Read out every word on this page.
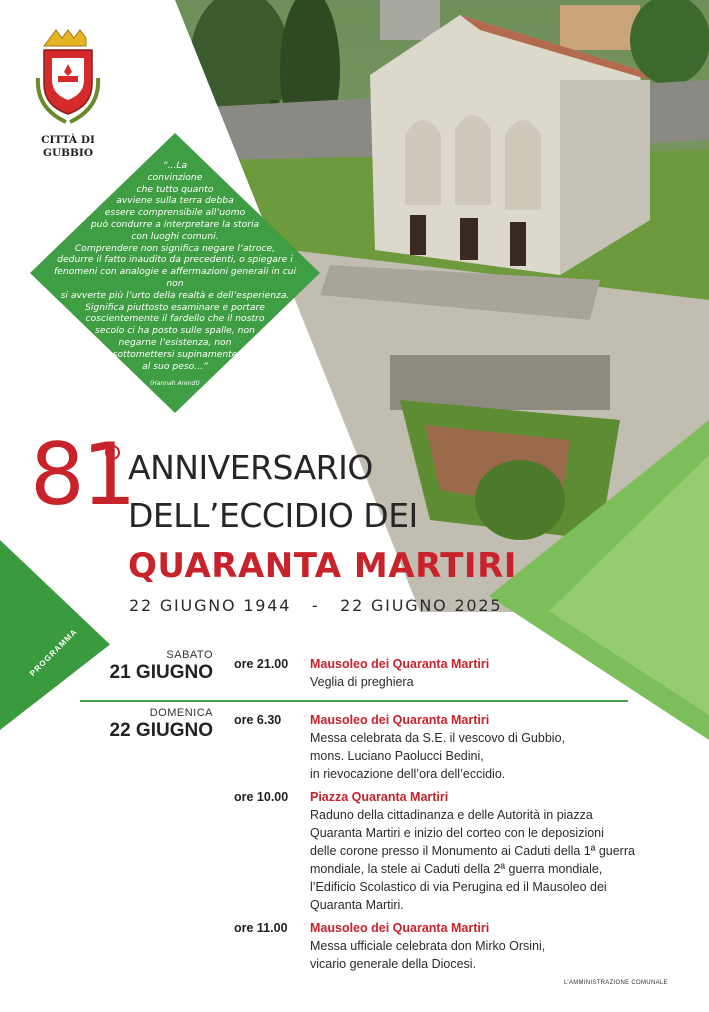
PROGRAMMA
CITTÀ DI
GUBBIO
“...La
convinzione
che tutto quanto
avviene sulla terra debba
essere comprensibile all’uomo
può condurre a interpretare la storia
con luoghi comuni.
Comprendere non significa negare l’atroce,
dedurre il fatto inaudito da precedenti, o spiegare i
fenomeni con analogie e affermazioni generali in cui non
si avverte più l’urto della realtà e dell’esperienza.
Significa piuttosto esaminare e portare
coscientemente il fardello che il nostro
secolo ci ha posto sulle spalle, non
negarne l’esistenza, non
sottomettersi supinamente
al suo peso...”
(Hannah Arendt)
81
ANNIVERSARIO
DELL’ECCIDIO DEI
QUARANTA MARTIRI
22 GIUGNO 1944   -   22 GIUGNO 2025
SABATO
21 GIUGNO
DOMENICA
22 GIUGNO
ore 21.00 Mausoleo dei Quaranta Martiri
Veglia di preghiera
ore 6.30 Mausoleo dei Quaranta Martiri
Messa celebrata da S.E. il vescovo di Gubbio,
mons. Luciano Paolucci Bedini,
in rievocazione dell’ora dell’eccidio.
ore 10.00 Piazza Quaranta Martiri
Raduno della cittadinanza e delle Autorità in piazza
Quaranta Martiri e inizio del corteo con le deposizioni
delle corone presso il Monumento ai Caduti della 1ª guerra
mondiale, la stele ai Caduti della 2ª guerra mondiale,
l’Edificio Scolastico di via Perugina ed il Mausoleo dei
Quaranta Martiri.
ore 11.00 Mausoleo dei Quaranta Martiri
Messa ufficiale celebrata don Mirko Orsini,
vicario generale della Diocesi.
L’AMMINISTRAZIONE COMUNALE
